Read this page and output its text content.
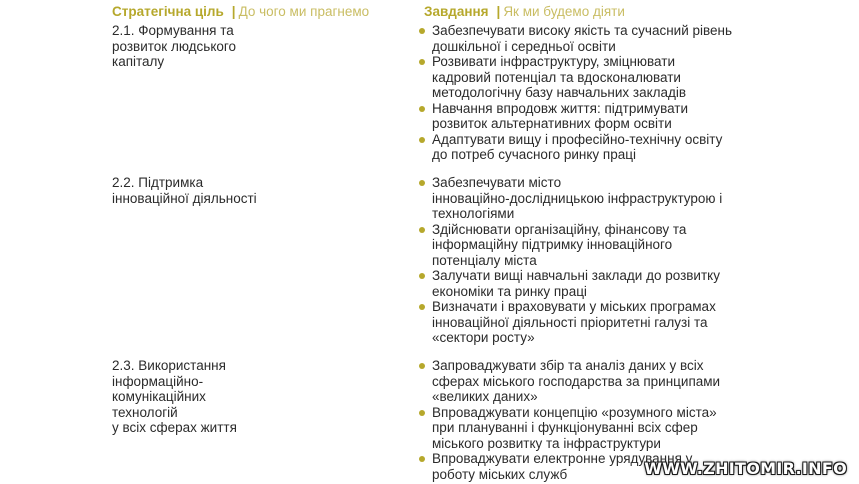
Стратегічна ціль | До чого ми прагнемо	Завдання | Як ми будемо діяти
2.1. Формування та
розвиток людського
капіталу
Забезпечувати високу якість та сучасний рівень
дошкільної і середньої освіти
Розвивати інфраструктуру, зміцнювати
кадровий потенціал та вдосконалювати
методологічну базу навчальних закладів
Навчання впродовж життя: підтримувати
розвиток альтернативних форм освіти
Адаптувати вищу і професійно-технічну освіту
до потреб сучасного ринку праці
2.2. Підтримка
інноваційної діяльності
Забезпечувати місто
інноваційно-дослідницькою інфраструктурою і
технологіями
Здійснювати організаційну, фінансову та
інформаційну підтримку інноваційного
потенціалу міста
Залучати вищі навчальні заклади до розвитку
економіки та ринку праці
Визначати і враховувати у міських програмах
інноваційної діяльності пріоритетні галузі та
«сектори росту»
2.3. Використання
інформаційно-
комунікаційних
технологій
у всіх сферах життя
Запроваджувати збір та аналіз даних у всіх
сферах міського господарства за принципами
«великих даних»
Впроваджувати концепцію «розумного міста»
при плануванні і функціонуванні всіх сфер
міського розвитку та інфраструктури
Впроваджувати електронне урядування у
роботу міських служб	WWW.ZHITOMIR.INFO
